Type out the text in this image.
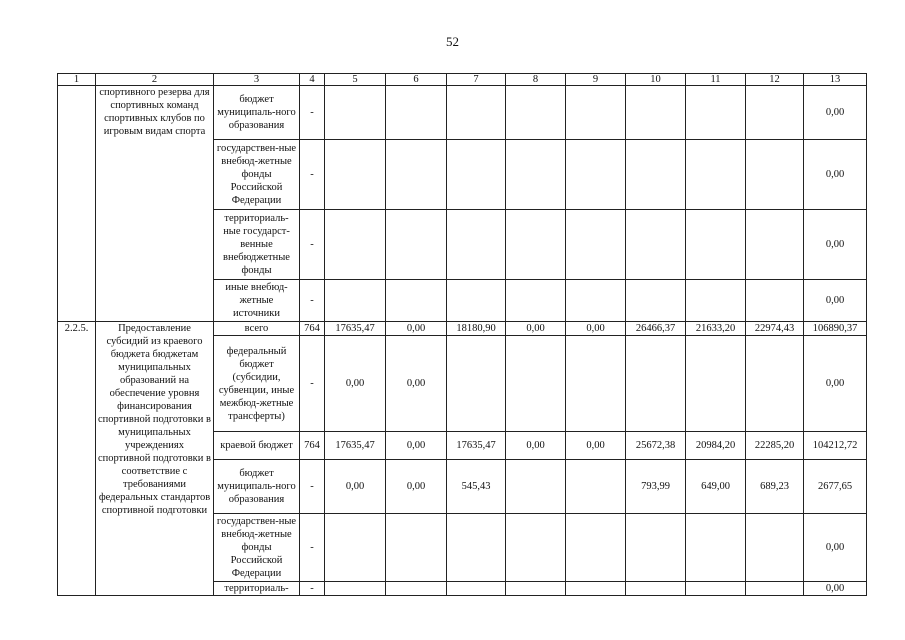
52
1	2	3	4	5	6	7	8	9	10	11	12	13
	спортивного резерва для спортивных команд спортивных клубов по игровым видам спорта	бюджет муниципаль-ного образования	-									0,00
		государствен-ные внебюд-жетные фонды Российской Федерации	-									0,00
		территориаль-ные государст-венные внебюджетные фонды	-									0,00
		иные внебюд-жетные источники	-									0,00
2.2.5.	Предоставление субсидий из краевого бюджета бюджетам муниципальных образований на обеспечение уровня финансирования спортивной подготовки в муниципальных учреждениях спортивной подготовки в соответствие с требованиями федеральных стандартов спортивной подготовки	всего	764	17635,47	0,00	18180,90	0,00	0,00	26466,37	21633,20	22974,43	106890,37
		федеральный бюджет (субсидии, субвенции, иные межбюд-жетные трансферты)	-	0,00	0,00							0,00
		краевой бюджет	764	17635,47	0,00	17635,47	0,00	0,00	25672,38	20984,20	22285,20	104212,72
		бюджет муниципаль-ного образования	-	0,00	0,00	545,43			793,99	649,00	689,23	2677,65
		государствен-ные внебюд-жетные фонды Российской Федерации	-									0,00
		территориаль-	-									0,00
